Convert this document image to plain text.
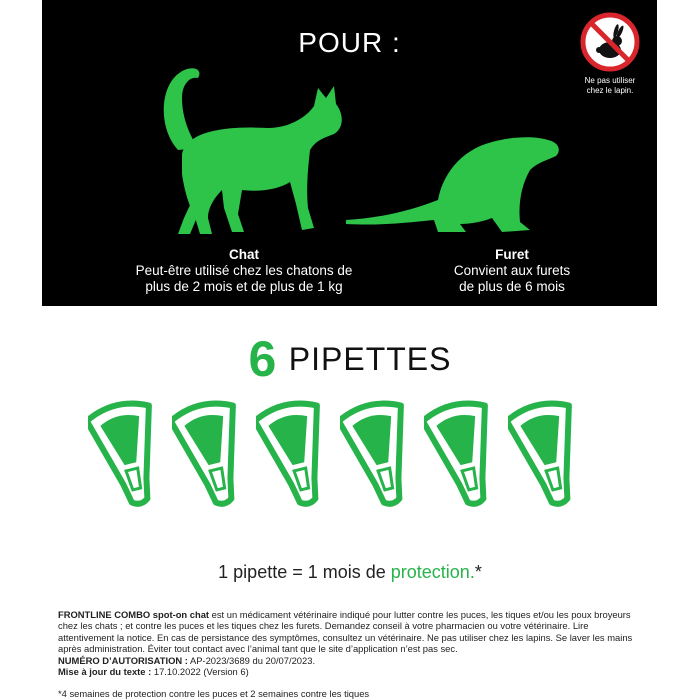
POUR :
Ne pas utiliser
chez le lapin.
Chat
Peut-être utilisé chez les chatons de
plus de 2 mois et de plus de 1 kg
Furet
Convient aux furets
de plus de 6 mois
6 PIPETTES
1 pipette = 1 mois de protection.*

FRONTLINE COMBO spot-on chat est un médicament vétérinaire indiqué pour lutter contre les puces, les tiques et/ou les poux broyeurs chez les chats ; et contre les puces et les tiques chez les furets. Demandez conseil à votre pharmacien ou votre vétérinaire. Lire attentivement la notice. En cas de persistance des symptômes, consultez un vétérinaire. Ne pas utiliser chez les lapins. Se laver les mains après administration. Éviter tout contact avec l’animal tant que le site d’application n’est pas sec.

NUMÉRO D’AUTORISATION : AP-2023/3689 du 20/07/2023.

Mise à jour du texte : 17.10.2022 (Version 6)

*4 semaines de protection contre les puces et 2 semaines contre les tiques
